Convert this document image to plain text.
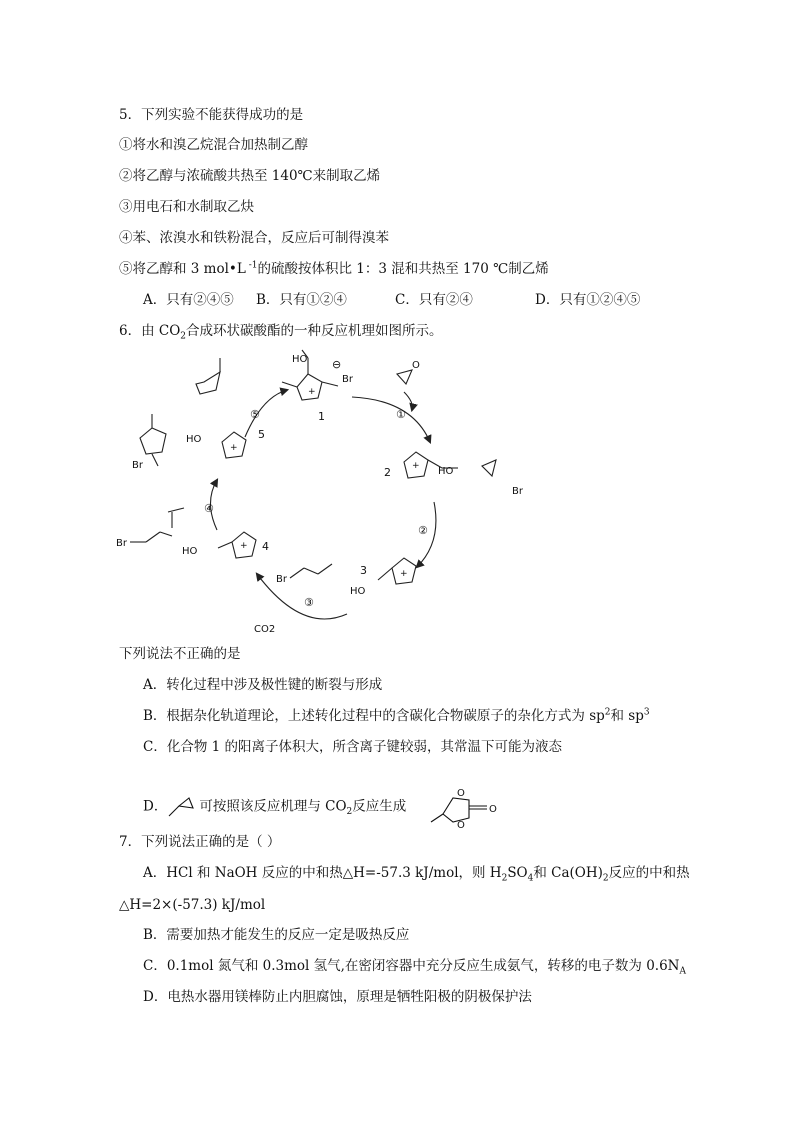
5．下列实验不能获得成功的是
①将水和溴乙烷混合加热制乙醇
②将乙醇与浓硫酸共热至 140℃来制取乙烯
③用电石和水制取乙炔
④苯、浓溴水和铁粉混合，反应后可制得溴苯
⑤将乙醇和 3 mol•L $^{-1}$的硫酸按体积比 1：3 混和共热至 170 ℃制乙烯
A．只有②④⑤ B．只有①②④	C．只有②④	D．只有①②④⑤
6．由 $CO_2$合成环状碳酸酯的一种反应机理如图所示。
①
②
③
④
⑤	1
2
3
4
5
CO2
Br
Br
Br
Br
Br
HO
HO
HO
HO
HO
O
⊖
+
+
+
+
+
下列说法不正确的是
A．转化过程中涉及极性键的断裂与形成
B．根据杂化轨道理论，上述转化过程中的含碳化合物碳原子的杂化方式为 $sp^2$和 $sp^3$
C．化合物 1 的阳离子体积大，所含离子键较弱，其常温下可能为液态
D． 可按照该反应机理与 $CO_2$反应生成
O
O
O
7．下列说法正确的是（ ）
A．HCl 和 NaOH 反应的中和热△H=-57.3 kJ/mol，则 $H_2SO_4$和 $Ca(OH)_2$反应的中和热
△H=2×(-57.3) kJ/mol
B．需要加热才能发生的反应一定是吸热反应
C．0.1mol 氮气和 0.3mol 氢气,在密闭容器中充分反应生成氨气，转移的电子数为 $0.6N_A$
D．电热水器用镁棒防止内胆腐蚀，原理是牺牲阳极的阴极保护法
